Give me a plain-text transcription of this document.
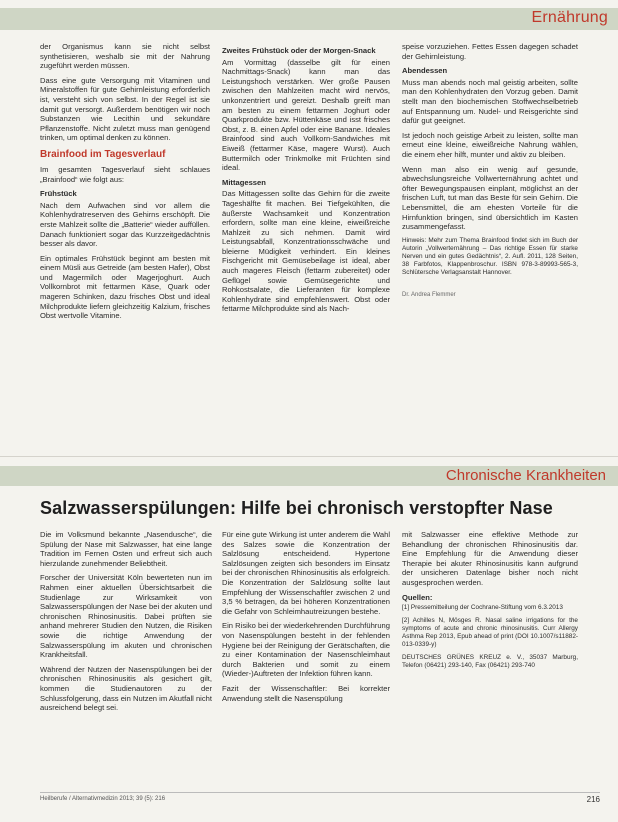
Ernährung

der Organismus kann sie nicht selbst synthetisieren, weshalb sie mit der Nahrung zugeführt werden müssen.

Dass eine gute Versorgung mit Vitaminen und Mineralstoffen für gute Gehirnleistung erforderlich ist, versteht sich von selbst. In der Regel ist sie damit gut versorgt. Außerdem benötigen wir noch Substanzen wie Lecithin und sekundäre Pflanzenstoffe. Nicht zuletzt muss man genügend trinken, um optimal denken zu können.

Brainfood im Tagesverlauf

Im gesamten Tagesverlauf sieht schlaues „Brainfood“ wie folgt aus:

Frühstück

Nach dem Aufwachen sind vor allem die Kohlenhydratreserven des Gehirns erschöpft. Die erste Mahlzeit sollte die „Batterie“ wieder auffüllen. Danach funktioniert sogar das Kurzzeitgedächtnis besser als davor.

Ein optimales Frühstück beginnt am besten mit einem Müsli aus Getreide (am besten Hafer), Obst und Magermilch oder Magerjoghurt. Auch Vollkornbrot mit fettarmen Käse, Quark oder mageren Schinken, dazu frisches Obst und ideal Milchprodukte liefern gleichzeitig Kalzium, frisches Obst wertvolle Vitamine.

Zweites Frühstück oder der Morgen-Snack

Am Vormittag (dasselbe gilt für einen Nachmittags-Snack) kann man das Leistungshoch verstärken. Wer große Pausen zwischen den Mahlzeiten macht wird nervös, unkonzentriert und gereizt. Deshalb greift man am besten zu einem fettarmen Joghurt oder Quarkprodukte bzw. Hüttenkäse und isst frisches Obst, z. B. einen Apfel oder eine Banane. Ideales Brainfood sind auch Vollkorn-Sandwiches mit Eiweiß (fettarmer Käse, magere Wurst). Auch Buttermilch oder Trinkmolke mit Früchten sind ideal.

Mittagessen

Das Mittagessen sollte das Gehirn für die zweite Tageshälfte fit machen. Bei Tiefgekühlten, die äußerste Wachsamkeit und Konzentration erfordern, sollte man eine kleine, eiweißreiche Mahlzeit zu sich nehmen. Damit wird Leistungsabfall, Konzentrationsschwäche und bleierne Müdigkeit verhindert. Ein kleines Fischgericht mit Gemüsebeilage ist ideal, aber auch mageres Fleisch (fettarm zubereitet) oder Geflügel sowie Gemüsegerichte und Rohkostsalate, die Lieferanten für komplexe Kohlenhydrate sind empfehlenswert. Obst oder fettarme Milchprodukte sind als Nach-

speise vorzuziehen. Fettes Essen dagegen schadet der Gehirnleistung.

Abendessen

Muss man abends noch mal geistig arbeiten, sollte man den Kohlenhydraten den Vorzug geben. Damit stellt man den biochemischen Stoffwechselbetrieb auf Entspannung um. Nudel- und Reisgerichte sind dafür gut geeignet.

Ist jedoch noch geistige Arbeit zu leisten, sollte man erneut eine kleine, eiweißreiche Nahrung wählen, die einem eher hilft, munter und aktiv zu bleiben.

Wenn man also ein wenig auf gesunde, abwechslungsreiche Vollwerternährung achtet und öfter Bewegungspausen einplant, möglichst an der frischen Luft, tut man das Beste für sein Gehirn. Die Lebensmittel, die am ehesten Vorteile für die Hirnfunktion bringen, sind übersichtlich im Kasten zusammengefasst.

Hinweis: Mehr zum Thema Brainfood findet sich im Buch der Autorin „Vollwerternährung – Das richtige Essen für starke Nerven und ein gutes Gedächtnis“, 2. Aufl. 2011, 128 Seiten, 38 Farbfotos, Klappenbroschur. ISBN 978-3-89993-565-3, Schlütersche Verlagsanstalt Hannover.

Dr. Andrea Flemmer
Chronische Krankheiten
Salzwasserspülungen: Hilfe bei chronisch verstopfter Nase

Die im Volksmund bekannte „Nasendusche“, die Spülung der Nase mit Salzwasser, hat eine lange Tradition im Fernen Osten und erfreut sich auch hierzulande zunehmender Beliebtheit.

Forscher der Universität Köln bewerteten nun im Rahmen einer aktuellen Übersichtsarbeit die Studienlage zur Wirksamkeit von Salzwasserspülungen der Nase bei der akuten und chronischen Rhinosinusitis. Dabei prüften sie anhand mehrerer Studien den Nutzen, die Risiken sowie die richtige Anwendung der Salzwasserspülung im akuten und chronischen Krankheitsfall.

Während der Nutzen der Nasenspülungen bei der chronischen Rhinosinusitis als gesichert gilt, kommen die Studienautoren zu der Schlussfolgerung, dass ein Nutzen im Akutfall nicht ausreichend belegt sei.

Für eine gute Wirkung ist unter anderem die Wahl des Salzes sowie die Konzentration der Salzlösung entscheidend. Hypertone Salzlösungen zeigten sich besonders im Einsatz bei der chronischen Rhinosinusitis als erfolgreich. Die Konzentration der Salzlösung sollte laut Empfehlung der Wissenschaftler zwischen 2 und 3,5 % betragen, da bei höheren Konzentrationen die Gefahr von Schleimhautreizungen bestehe.

Ein Risiko bei der wiederkehrenden Durchführung von Nasenspülungen besteht in der fehlenden Hygiene bei der Reinigung der Gerätschaften, die zu einer Kontamination der Nasenschleimhaut durch Bakterien und somit zu einem (Wieder-)Auftreten der Infektion führen kann.

Fazit der Wissenschaftler: Bei korrekter Anwendung stellt die Nasenspülung

mit Salzwasser eine effektive Methode zur Behandlung der chronischen Rhinosinusitis dar. Eine Empfehlung für die Anwendung dieser Therapie bei akuter Rhinosinusitis kann aufgrund der unsicheren Datenlage bisher noch nicht ausgesprochen werden.

Quellen:

[1] Pressemitteilung der Cochrane-Stiftung vom 6.3.2013

[2] Achilles N, Mösges R. Nasal saline irrigations for the symptoms of acute and chronic rhinosinusitis. Curr Allergy Asthma Rep 2013, Epub ahead of print (DOI 10.1007/s11882-013-0339-y)

DEUTSCHES GRÜNES KREUZ e. V., 35037 Marburg, Telefon (06421) 293-140, Fax (06421) 293-740

Heilberufe / Alternativmedizin 2013; 39 (5): 216	216
